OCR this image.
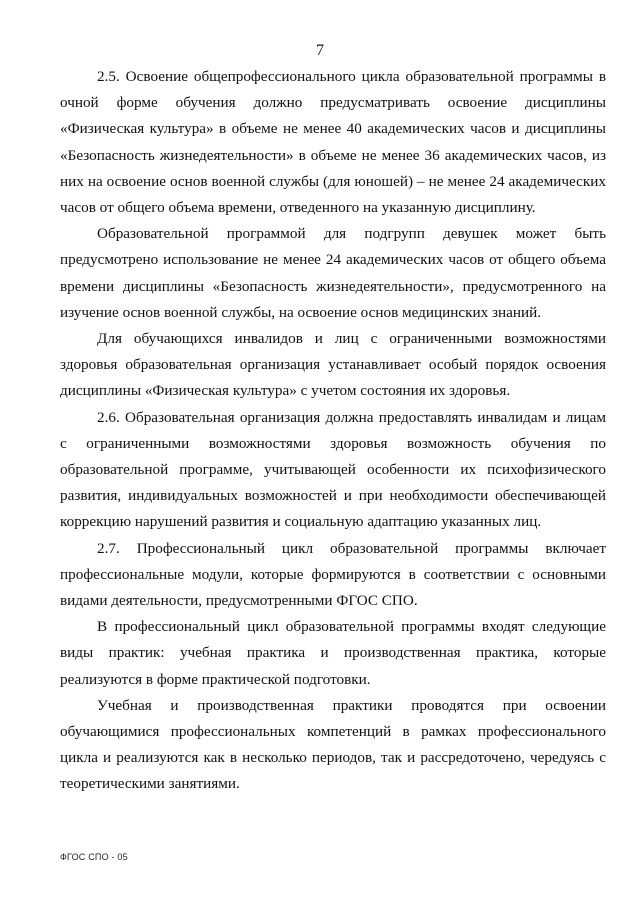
7

2.5. Освоение общепрофессионального цикла образовательной программы в очной форме обучения должно предусматривать освоение дисциплины «Физическая культура» в объеме не менее 40 академических часов и дисциплины «Безопасность жизнедеятельности» в объеме не менее 36 академических часов, из них на освоение основ военной службы (для юношей) – не менее 24 академических часов от общего объема времени, отведенного на указанную дисциплину.

Образовательной программой для подгрупп девушек может быть предусмотрено использование не менее 24 академических часов от общего объема времени дисциплины «Безопасность жизнедеятельности», предусмотренного на изучение основ военной службы, на освоение основ медицинских знаний.

Для обучающихся инвалидов и лиц с ограниченными возможностями здоровья образовательная организация устанавливает особый порядок освоения дисциплины «Физическая культура» с учетом состояния их здоровья.

2.6. Образовательная организация должна предоставлять инвалидам и лицам с ограниченными возможностями здоровья возможность обучения по образовательной программе, учитывающей особенности их психофизического развития, индивидуальных возможностей и при необходимости обеспечивающей коррекцию нарушений развития и социальную адаптацию указанных лиц.

2.7. Профессиональный цикл образовательной программы включает профессиональные модули, которые формируются в соответствии с основными видами деятельности, предусмотренными ФГОС СПО.

В профессиональный цикл образовательной программы входят следующие виды практик: учебная практика и производственная практика, которые реализуются в форме практической подготовки.

Учебная и производственная практики проводятся при освоении обучающимися профессиональных компетенций в рамках профессионального цикла и реализуются как в несколько периодов, так и рассредоточено, чередуясь с теоретическими занятиями.

ФГОС СПО - 05
